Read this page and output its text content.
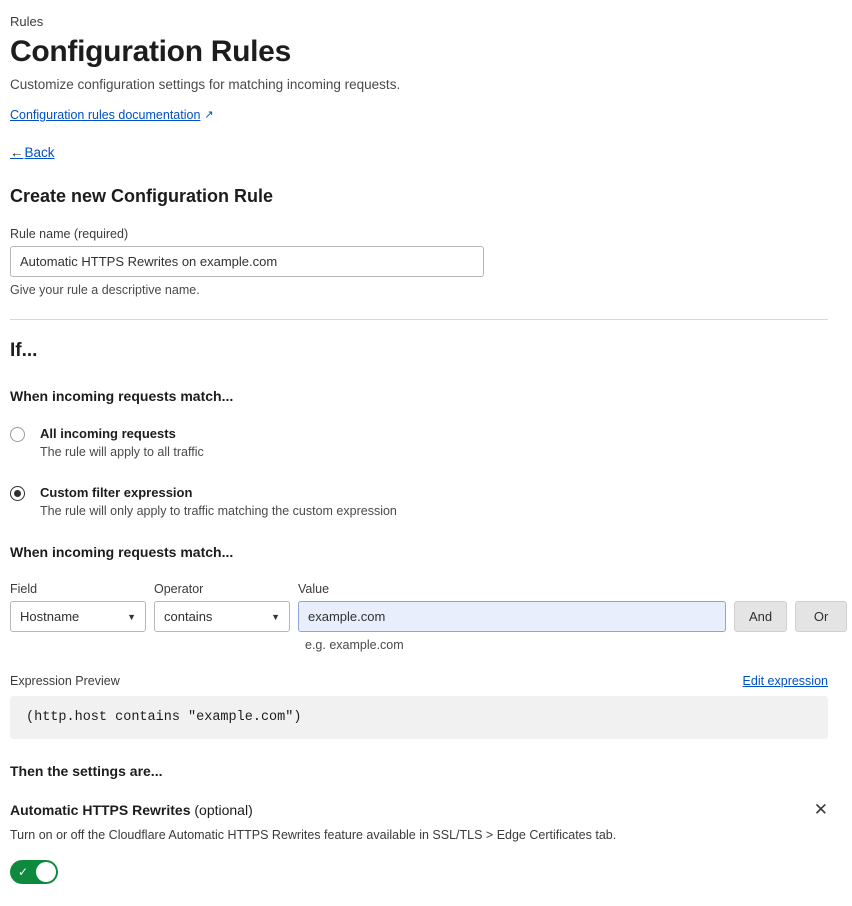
Rules
Configuration Rules
Customize configuration settings for matching incoming requests.
Configuration rules documentation ↗
←Back
Create new Configuration Rule
Rule name (required)
Automatic HTTPS Rewrites on example.com
Give your rule a descriptive name.
If...
When incoming requests match...
All incoming requests
The rule will apply to all traffic
Custom filter expression
The rule will only apply to traffic matching the custom expression
When incoming requests match...
Field
Hostname	▼
Operator
contains	▼
Value
example.com

And
	Or
e.g. example.com
Expression Preview	Edit expression
(http.host contains "example.com")
Then the settings are...
Automatic HTTPS Rewrites (optional)	✕
Turn on or off the Cloudflare Automatic HTTPS Rewrites feature available in SSL/TLS > Edge Certificates tab.
✓
